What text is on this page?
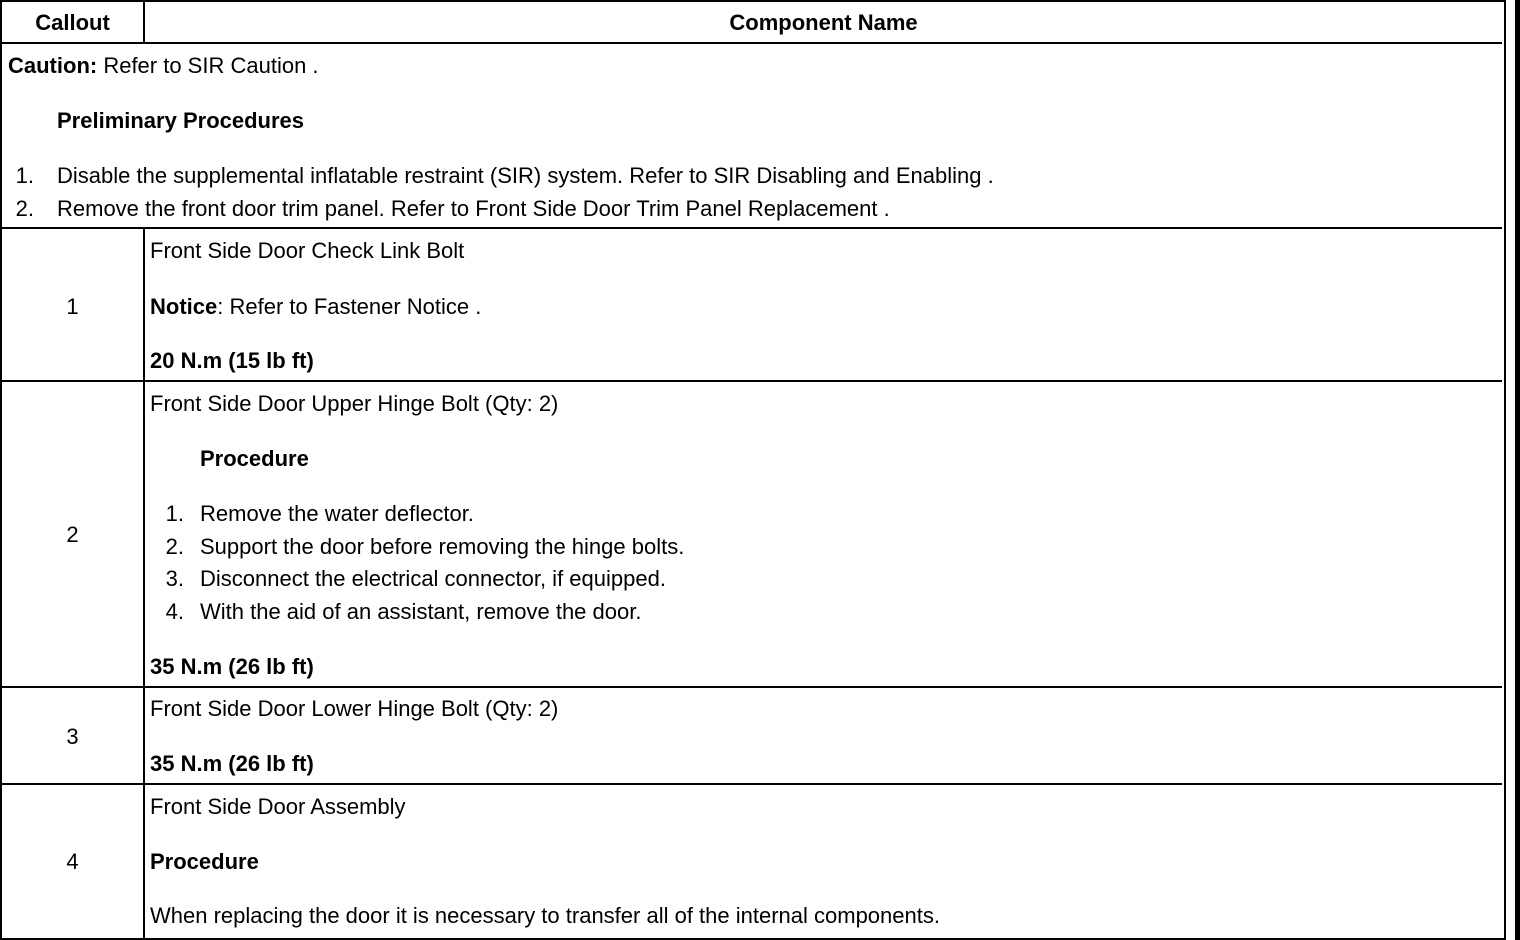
Callout	Component Name
Caution: Refer to SIR Caution .
Preliminary Procedures
1. Disable the supplemental inflatable restraint (SIR) system. Refer to SIR Disabling and Enabling .
2. Remove the front door trim panel. Refer to Front Side Door Trim Panel Replacement .
1
Front Side Door Check Link Bolt
Notice: Refer to Fastener Notice .
20 N.m (15 lb ft)
2
Front Side Door Upper Hinge Bolt (Qty: 2)
Procedure
1. Remove the water deflector.
2. Support the door before removing the hinge bolts.
3. Disconnect the electrical connector, if equipped.
4. With the aid of an assistant, remove the door.
35 N.m (26 lb ft)
3
Front Side Door Lower Hinge Bolt (Qty: 2)
35 N.m (26 lb ft)
4
Front Side Door Assembly
Procedure
When replacing the door it is necessary to transfer all of the internal components.
